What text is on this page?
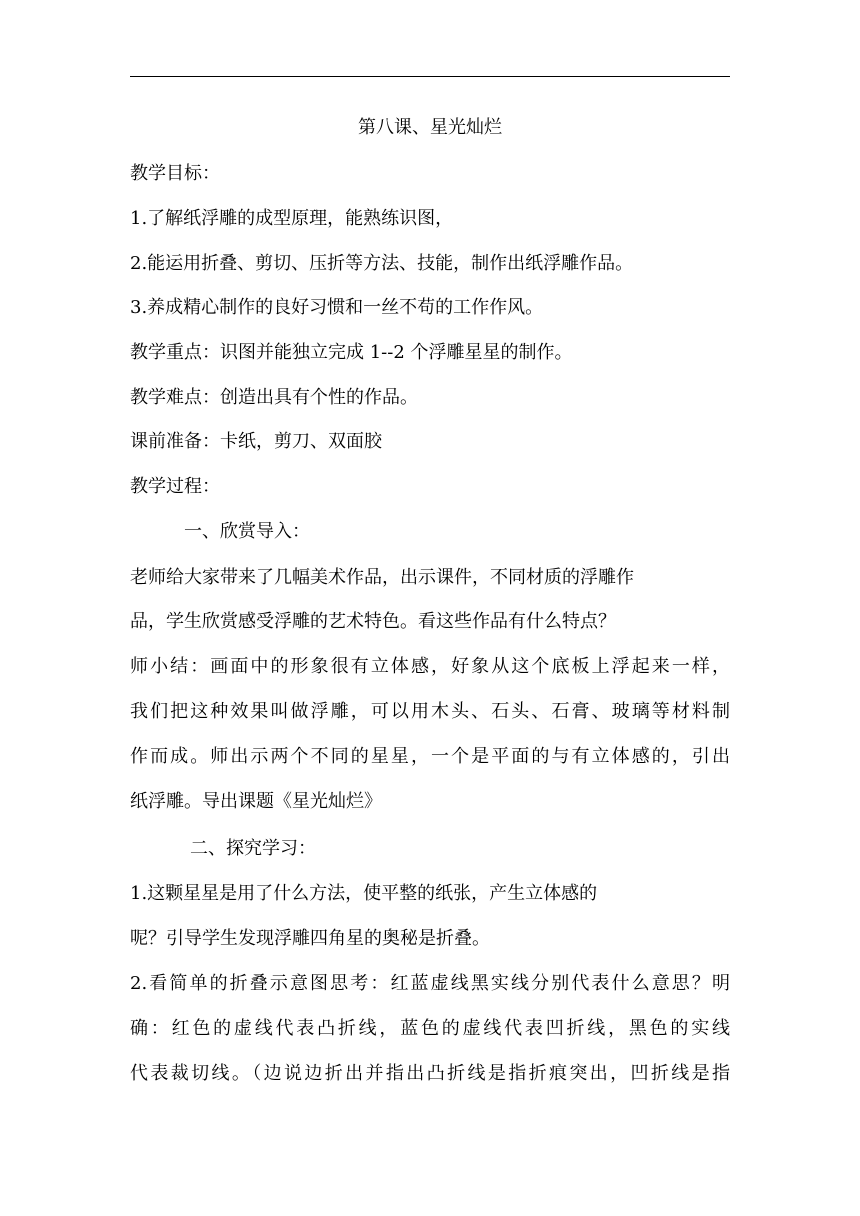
第八课、星光灿烂
教学目标：
1.了解纸浮雕的成型原理，能熟练识图，
2.能运用折叠、剪切、压折等方法、技能，制作出纸浮雕作品。
3.养成精心制作的良好习惯和一丝不苟的工作作风。
教学重点：识图并能独立完成 1--2 个浮雕星星的制作。
教学难点：创造出具有个性的作品。
课前准备：卡纸，剪刀、双面胶
教学过程：
一、欣赏导入：
老师给大家带来了几幅美术作品，出示课件，不同材质的浮雕作
品，学生欣赏感受浮雕的艺术特色。看这些作品有什么特点？
师小结：画面中的形象很有立体感，好象从这个底板上浮起来一样，
我们把这种效果叫做浮雕，可以用木头、石头、石膏、玻璃等材料制
作而成。师出示两个不同的星星，一个是平面的与有立体感的，引出
纸浮雕。导出课题《星光灿烂》
二、探究学习：
1.这颗星星是用了什么方法，使平整的纸张，产生立体感的
呢？引导学生发现浮雕四角星的奥秘是折叠。
2.看简单的折叠示意图思考：红蓝虚线黑实线分别代表什么意思？明
确：红色的虚线代表凸折线，蓝色的虚线代表凹折线，黑色的实线
代表裁切线。（边说边折出并指出凸折线是指折痕突出，凹折线是指
